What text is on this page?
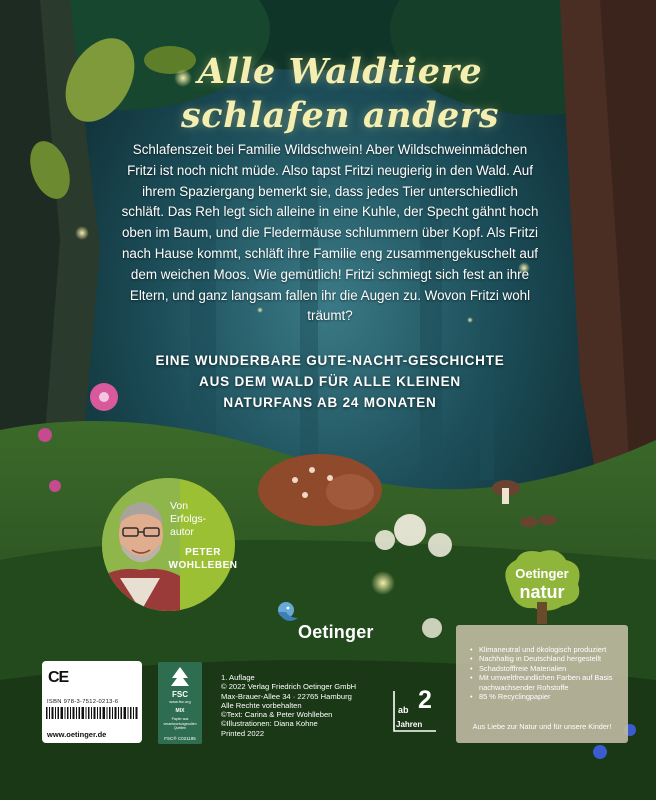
Alle Waldtiere
schlafen anders
Schlafenszeit bei Familie Wildschwein! Aber Wildschweinmädchen Fritzi ist noch nicht müde. Also tapst Fritzi neugierig in den Wald. Auf ihrem Spaziergang bemerkt sie, dass jedes Tier unterschiedlich schläft. Das Reh legt sich alleine in eine Kuhle, der Specht gähnt hoch oben im Baum, und die Fledermäuse schlummern über Kopf. Als Fritzi nach Hause kommt, schläft ihre Familie eng zusammengekuschelt auf dem weichen Moos. Wie gemütlich! Fritzi schmiegt sich fest an ihre Eltern, und ganz langsam fallen ihr die Augen zu. Wovon Fritzi wohl träumt?
EINE WUNDERBARE GUTE-NACHT-GESCHICHTE
AUS DEM WALD FÜR ALLE KLEINEN
NATURFANS AB 24 MONATEN
Von
Erfolgs-
autor
PETER
WOHLLEBEN
Oetinger
Oetinger
natur
• Klimaneutral und ökologisch produziert
• Nachhaltig in Deutschland hergestellt
• Schadstofffreie Materialien
• Mit umweltfreundlichen Farben auf Basis nachwachsender Rohstoffe
• 85 % Recyclingpapier
Aus Liebe zur Natur und für unsere Kinder!
CE
ISBN 978-3-7512-0213-6
www.oetinger.de
FSC
www.fsc.org
MIX
Papier aus verantwortungsvollen Quellen
FSC® C021195
1. Auflage
© 2022 Verlag Friedrich Oetinger GmbH
Max-Brauer-Allee 34 · 22765 Hamburg
Alle Rechte vorbehalten
©Text: Carina & Peter Wohlleben
©Illustrationen: Diana Kohne
Printed 2022
ab 2
Jahren
